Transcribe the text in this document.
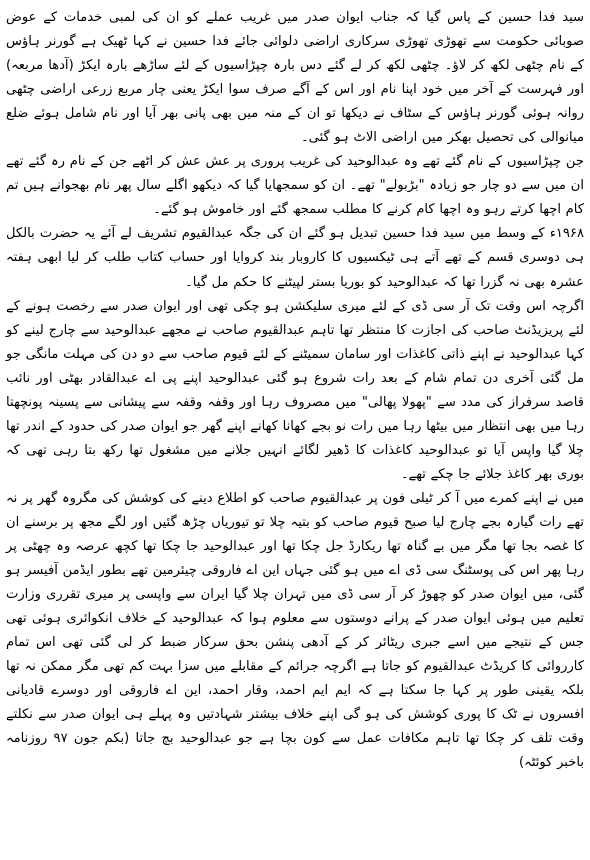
سید فدا حسین کے پاس گیا کہ جناب ایوان صدر میں غریب عملے کو ان کی لمبی خدمات کے عوض صوبائی حکومت سے تھوڑی تھوڑی سرکاری اراضی دلوائی جائے فدا حسین نے کہا ٹھیک ہے گورنر ہاؤس کے نام چٹھی لکھ کر لاؤ۔ چٹھی لکھ کر لے گئے دس بارہ چپڑاسیوں کے لئے ساڑھے بارہ ایکڑ (آدھا مربعہ) اور فہرست کے آخر میں خود اپنا نام اور اس کے آگے صرف سوا ایکڑ یعنی چار مربع زرعی اراضی چٹھی روانہ ہوئی گورنر ہاؤس کے سٹاف نے دیکھا تو ان کے منہ میں بھی پانی بھر آیا اور نام شامل ہوئے ضلع میانوالی کی تحصیل بھکر میں اراضی الاٹ ہو گئی۔

جن چپڑاسیوں کے نام گئے تھے وہ عبدالوحید کی غریب پروری پر عش عش کر اٹھے جن کے نام رہ گئے تھے ان میں سے دو چار جو زیادہ "بڑبولے" تھے۔ ان کو سمجھایا گیا کہ دیکھو اگلے سال پھر نام بھجوانے ہیں تم کام اچھا کرتے رہو وہ اچھا کام کرنے کا مطلب سمجھ گئے اور خاموش ہو گئے۔

۱۹۶۸ء کے وسط میں سید فدا حسین تبدیل ہو گئے ان کی جگہ عبدالقیوم تشریف لے آئے یہ حضرت بالکل ہی دوسری قسم کے تھے آتے ہی ٹیکسیوں کا کاروبار بند کروایا اور حساب کتاب طلب کر لیا ابھی ہفتہ عشرہ بھی نہ گزرا تھا کہ عبدالوحید کو بوریا بستر لپیٹنے کا حکم مل گیا۔

اگرچہ اس وقت تک آر سی ڈی کے لئے میری سلیکشن ہو چکی تھی اور ایوان صدر سے رخصت ہونے کے لئے پریزیڈنٹ صاحب کی اجازت کا منتظر تھا تاہم عبدالقیوم صاحب نے مجھے عبدالوحید سے چارج لینے کو کہا عبدالوحید نے اپنے ذاتی کاغذات اور سامان سمیٹنے کے لئے قیوم صاحب سے دو دن کی مہلت مانگی جو مل گئی آخری دن تمام شام کے بعد رات شروع ہو گئی عبدالوحید اپنے پی اے عبدالقادر بھٹی اور نائب قاصد سرفراز کی مدد سے "پھولا پھالی" میں مصروف رہا اور وقفہ وقفہ سے پیشانی سے پسینہ پونچھتا رہا میں بھی انتظار میں بیٹھا رہا میں رات نو بجے کھانا کھانے اپنے گھر جو ایوان صدر کی حدود کے اندر تھا چلا گیا واپس آیا تو عبدالوحید کاغذات کا ڈھیر لگائے انہیں جلانے میں مشغول تھا رکھ بتا رہی تھی کہ بوری بھر کاغذ جلائے جا چکے تھے۔

میں نے اپنے کمرے میں آ کر ٹیلی فون پر عبدالقیوم صاحب کو اطلاع دینے کی کوشش کی مگروہ گھر پر نہ تھے رات گیارہ بجے چارج لیا صبح قیوم صاحب کو بتیہ چلا تو تیوریاں چڑھ گئیں اور لگے مجھ پر برسنے ان کا غصہ بجا تھا مگر میں بے گناہ تھا ریکارڈ جل چکا تھا اور عبدالوحید جا چکا تھا کچھ عرصہ وہ چھٹی پر رہا پھر اس کی پوسٹنگ سی ڈی اے میں ہو گئی جہاں این اے فاروقی چیئرمین تھے بطور ایڈمن آفیسر ہو گئی، میں ایوان صدر کو چھوڑ کر آر سی ڈی میں تہران چلا گیا ایران سے واپسی پر میری تقرری وزارت تعلیم میں ہوئی ایوان صدر کے پرانے دوستوں سے معلوم ہوا کہ عبدالوحید کے خلاف انکوائری ہوئی تھی جس کے نتیجے میں اسے جبری ریٹائر کر کے آدھی پنشن بحق سرکار ضبط کر لی گئی تھی اس تمام کارروائی کا کریڈٹ عبدالقیوم کو جاتا ہے اگرچہ جرائم کے مقابلے میں سزا بہت کم تھی مگر ممکن نہ تھا بلکہ یقینی طور پر کہا جا سکتا ہے کہ ایم ایم احمد، وقار احمد، این اے فاروقی اور دوسرے قادیانی افسروں نے ٹک کا پوری کوشش کی ہو گی اپنے خلاف بیشتر شہادتیں وہ پہلے ہی ایوان صدر سے نکلتے وقت تلف کر چکا تھا تاہم مکافات عمل سے کون بچا ہے جو عبدالوحید بچ جاتا (بکم جون ۹۷ روزنامہ باخبر کوئٹہ)
